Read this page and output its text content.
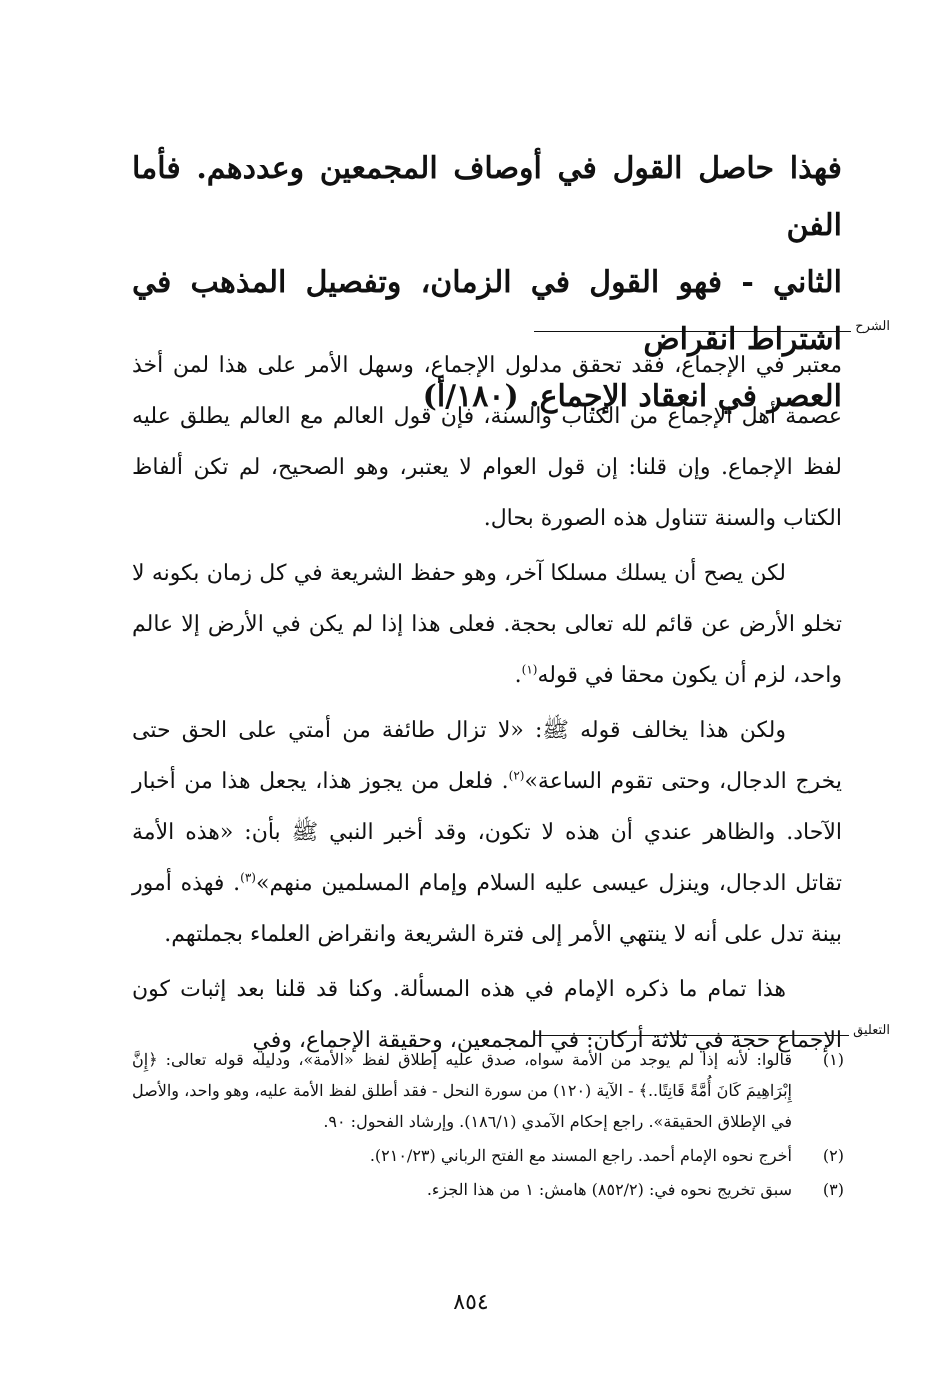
فهذا حاصل القول في أوصاف المجمعين وعددهم. فأما الفن

الثاني - فهو القول في الزمان، وتفصيل المذهب في اشتراط انقراض

العصر في انعقاد الإجماع. (١٨٠/أ)

الشرح

معتبر في الإجماع، فقد تحقق مدلول الإجماع، وسهل الأمر على هذا لمن أخذ عصمة أهل الإجماع من الكتاب والسنة، فإن قول العالم مع العالم يطلق عليه لفظ الإجماع. وإن قلنا: إن قول العوام لا يعتبر، وهو الصحيح، لم تكن ألفاظ الكتاب والسنة تتناول هذه الصورة بحال.

لكن يصح أن يسلك مسلكا آخر، وهو حفظ الشريعة في كل زمان بكونه لا تخلو الأرض عن قائم لله تعالى بحجة. فعلى هذا إذا لم يكن في الأرض إلا عالم واحد، لزم أن يكون محقا في قوله$^{(١)}$.

ولكن هذا يخالف قوله ﷺ: «لا تزال طائفة من أمتي على الحق حتى يخرج الدجال، وحتى تقوم الساعة»$^{(٢)}$. فلعل من يجوز هذا، يجعل هذا من أخبار الآحاد. والظاهر عندي أن هذه لا تكون، وقد أخبر النبي ﷺ بأن: «هذه الأمة تقاتل الدجال، وينزل عيسى عليه السلام وإمام المسلمين منهم»$^{(٣)}$. فهذه أمور بينة تدل على أنه لا ينتهي الأمر إلى فترة الشريعة وانقراض العلماء بجملتهم.

هذا تمام ما ذكره الإمام في هذه المسألة. وكنا قد قلنا بعد إثبات كون الإجماع حجة في ثلاثة أركان: في المجمعين، وحقيقة الإجماع، وفي التعليق
(١)
قالوا: لأنه إذا لم يوجد من الأمة سواه، صدق عليه إطلاق لفظ «الأمة»، ودليله قوله تعالى: ﴿إِنَّ إِبْرَاهِيمَ كَانَ أُمَّةً قَانِتًا..﴾ - الآية (١٢٠) من سورة النحل - فقد أطلق لفظ الأمة عليه، وهو واحد، والأصل في الإطلاق الحقيقة». راجع إحكام الآمدي (١٨٦/١). وإرشاد الفحول: ٩٠.
(٢)
أخرج نحوه الإمام أحمد. راجع المسند مع الفتح الرباني (٢١٠/٢٣).
(٣)
سبق تخريج نحوه في: (٨٥٢/٢) هامش: ١ من هذا الجزء.
٨٥٤
